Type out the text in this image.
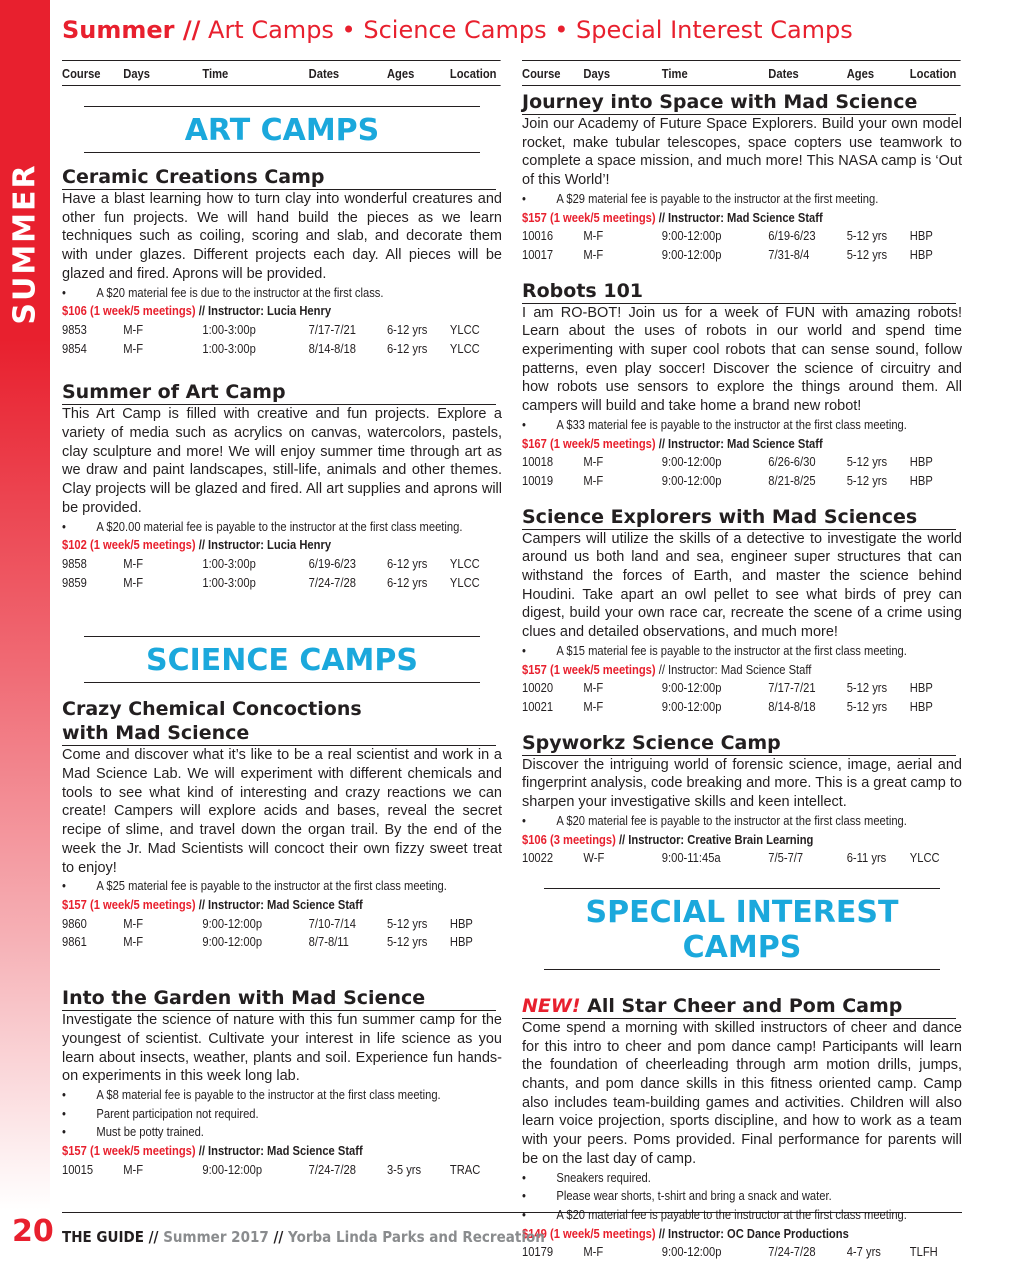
SUMMER
Summer // Art Camps • Science Camps • Special Interest Camps
Course	Days	Time	Dates	Ages	Location
ART CAMPS
Ceramic Creations Camp

Have a blast learning how to turn clay into wonderful creatures and other fun projects. We will hand build the pieces as we learn techniques such as coiling, scoring and slab, and decorate them with under glazes. Different projects each day. All pieces will be glazed and fired. Aprons will be provided.

•	A $20 material fee is due to the instructor at the first class.
$106 (1 week/5 meetings) // Instructor: Lucia Henry
9853	M-F	1:00-3:00p	7/17-7/21	6-12 yrs	YLCC
9854	M-F	1:00-3:00p	8/14-8/18	6-12 yrs	YLCC
Summer of Art Camp

This Art Camp is filled with creative and fun projects. Explore a variety of media such as acrylics on canvas, watercolors, pastels, clay sculpture and more! We will enjoy summer time through art as we draw and paint landscapes, still-life, animals and other themes. Clay projects will be glazed and fired. All art supplies and aprons will be provided.

•	A $20.00 material fee is payable to the instructor at the first class meeting.
$102 (1 week/5 meetings) // Instructor: Lucia Henry
9858	M-F	1:00-3:00p	6/19-6/23	6-12 yrs	YLCC
9859	M-F	1:00-3:00p	7/24-7/28	6-12 yrs	YLCC
SCIENCE CAMPS
Crazy Chemical Concoctions
with Mad Science

Come and discover what it’s like to be a real scientist and work in a Mad Science Lab. We will experiment with different chemicals and tools to see what kind of interesting and crazy reactions we can create! Campers will explore acids and bases, reveal the secret recipe of slime, and travel down the organ trail. By the end of the week the Jr. Mad Scientists will concoct their own fizzy sweet treat to enjoy!

•	A $25 material fee is payable to the instructor at the first class meeting.
$157 (1 week/5 meetings) // Instructor: Mad Science Staff
9860	M-F	9:00-12:00p	7/10-7/14	5-12 yrs	HBP
9861	M-F	9:00-12:00p	8/7-8/11	5-12 yrs	HBP
Into the Garden with Mad Science

Investigate the science of nature with this fun summer camp for the youngest of scientist. Cultivate your interest in life science as you learn about insects, weather, plants and soil. Experience fun hands-on experiments in this week long lab.

•	A $8 material fee is payable to the instructor at the first class meeting.
•	Parent participation not required.
•	Must be potty trained.
$157 (1 week/5 meetings) // Instructor: Mad Science Staff
10015	M-F	9:00-12:00p	7/24-7/28	3-5 yrs	TRAC
Course	Days	Time	Dates	Ages	Location
Journey into Space with Mad Science

Join our Academy of Future Space Explorers. Build your own model rocket, make tubular telescopes, space copters use teamwork to complete a space mission, and much more! This NASA camp is ‘Out of this World’!

•	A $29 material fee is payable to the instructor at the first meeting.
$157 (1 week/5 meetings) // Instructor: Mad Science Staff
10016	M-F	9:00-12:00p	6/19-6/23	5-12 yrs	HBP
10017	M-F	9:00-12:00p	7/31-8/4	5-12 yrs	HBP
Robots 101

I am RO-BOT! Join us for a week of FUN with amazing robots! Learn about the uses of robots in our world and spend time experimenting with super cool robots that can sense sound, follow patterns, even play soccer! Discover the science of circuitry and how robots use sensors to explore the things around them. All campers will build and take home a brand new robot!

•	A $33 material fee is payable to the instructor at the first class meeting.
$167 (1 week/5 meetings) // Instructor: Mad Science Staff
10018	M-F	9:00-12:00p	6/26-6/30	5-12 yrs	HBP
10019	M-F	9:00-12:00p	8/21-8/25	5-12 yrs	HBP
Science Explorers with Mad Sciences

Campers will utilize the skills of a detective to investigate the world around us both land and sea, engineer super structures that can withstand the forces of Earth, and master the science behind Houdini. Take apart an owl pellet to see what birds of prey can digest, build your own race car, recreate the scene of a crime using clues and detailed observations, and much more!

•	A $15 material fee is payable to the instructor at the first class meeting.
$157 (1 week/5 meetings) // Instructor: Mad Science Staff
10020	M-F	9:00-12:00p	7/17-7/21	5-12 yrs	HBP
10021	M-F	9:00-12:00p	8/14-8/18	5-12 yrs	HBP
Spyworkz Science Camp

Discover the intriguing world of forensic science, image, aerial and fingerprint analysis, code breaking and more. This is a great camp to sharpen your investigative skills and keen intellect.

•	A $20 material fee is payable to the instructor at the first class meeting.
$106 (3 meetings) // Instructor: Creative Brain Learning
10022	W-F	9:00-11:45a	7/5-7/7	6-11 yrs	YLCC
SPECIAL INTEREST CAMPS
NEW! All Star Cheer and Pom Camp

Come spend a morning with skilled instructors of cheer and dance for this intro to cheer and pom dance camp! Participants will learn the foundation of cheerleading through arm motion drills, jumps, chants, and pom dance skills in this fitness oriented camp. Camp also includes team-building games and activities. Children will also learn voice projection, sports discipline, and how to work as a team with your peers. Poms provided. Final performance for parents will be on the last day of camp.

•	Sneakers required.
•	Please wear shorts, t-shirt and bring a snack and water.
•	A $20 material fee is payable to the instructor at the first class meeting.
$149 (1 week/5 meetings) // Instructor: OC Dance Productions
10179	M-F	9:00-12:00p	7/24-7/28	4-7 yrs	TLFH
20 THE GUIDE // Summer 2017 // Yorba Linda Parks and Recreation
